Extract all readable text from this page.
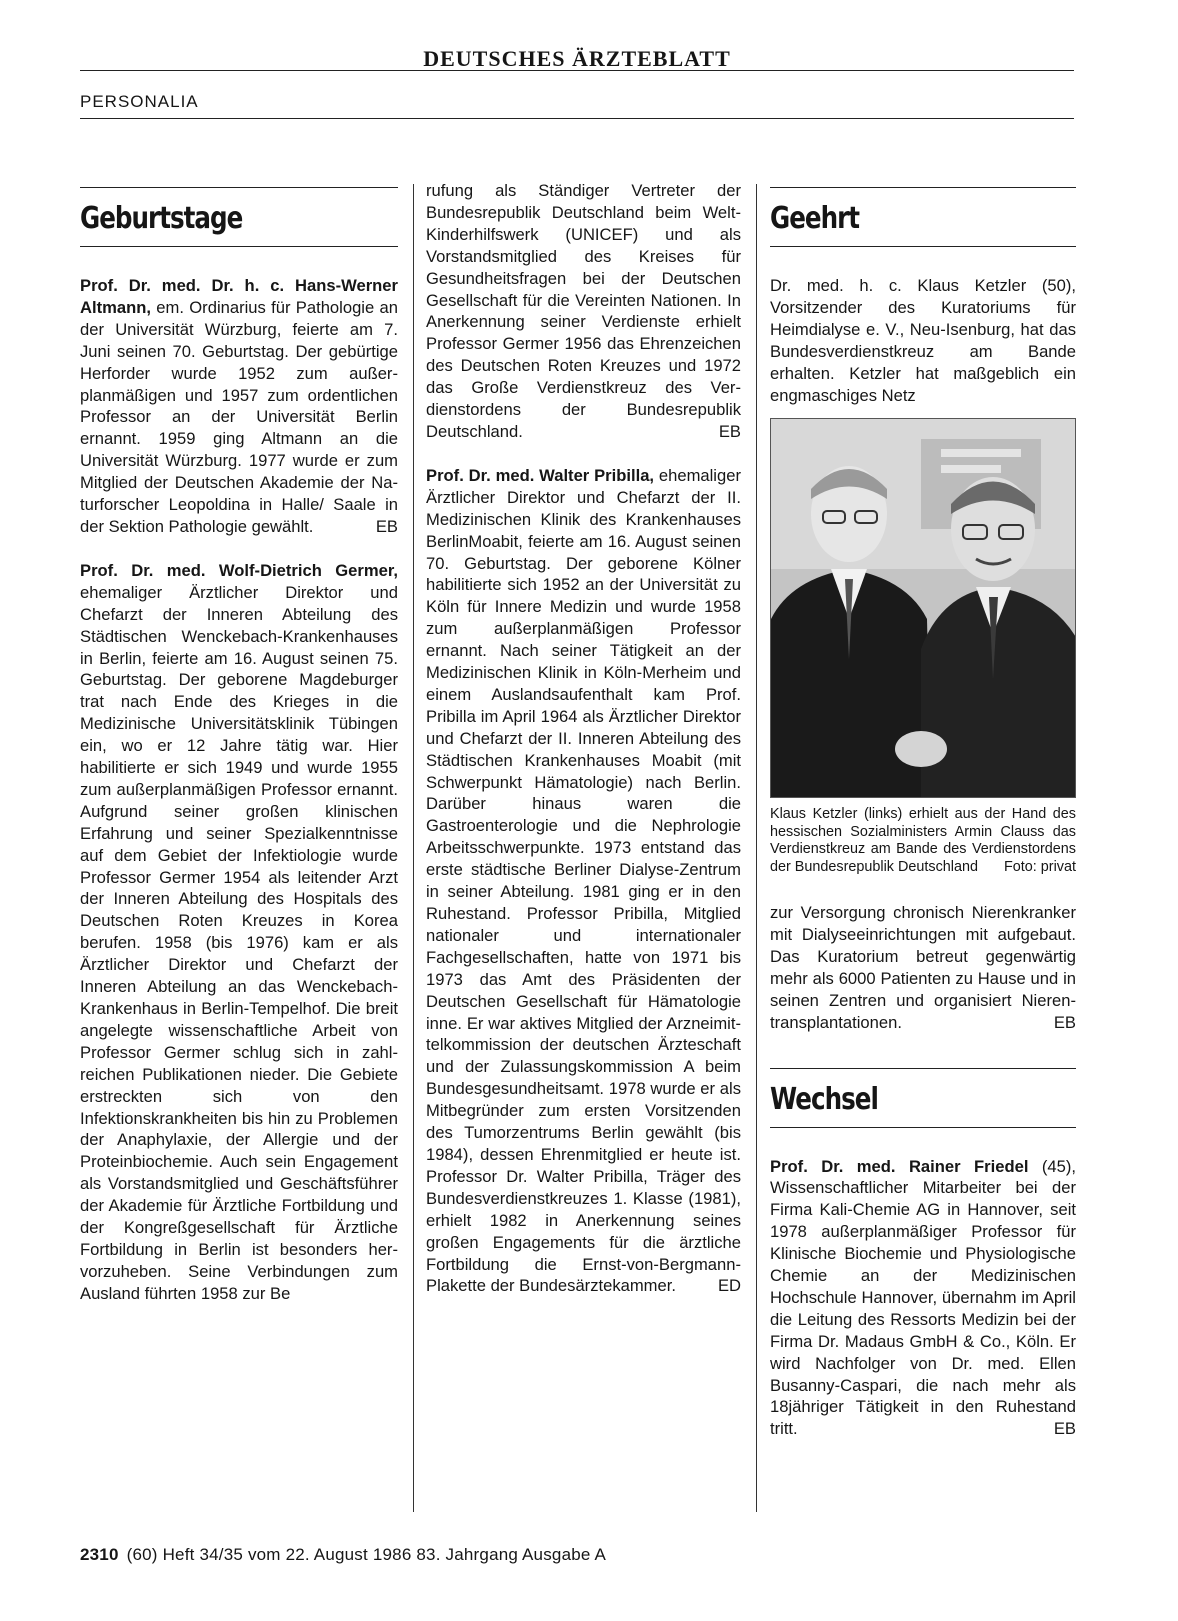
DEUTSCHES ÄRZTEBLATT
PERSONALIA
Geburtstage

Prof. Dr. med. Dr. h. c. Hans-Werner Altmann, em. Ordinarius für Pathologie an der Universität Würzburg, feierte am 7. Juni seinen 70. Geburtstag. Der gebürtige Herforder wurde 1952 zum außerplanmäßigen und 1957 zum ordentlichen Professor an der Universität Berlin ernannt. 1959 ging Altmann an die Universität Würzburg. 1977 wurde er zum Mitglied der Deutschen Akademie der Naturforscher Leopoldina in Halle/ Saale in der Sektion Pathologie gewählt.	EB

Prof. Dr. med. Wolf-Dietrich Germer, ehemaliger Ärztlicher Direktor und Chefarzt der Inneren Abteilung des Städtischen Wenckebach-Krankenhauses in Berlin, feierte am 16. August seinen 75. Geburtstag. Der geborene Magdeburger trat nach Ende des Krieges in die Medizinische Universitätsklinik Tübingen ein, wo er 12 Jahre tätig war. Hier habilitierte er sich 1949 und wurde 1955 zum außerplanmäßigen Professor ernannt. Aufgrund seiner großen klinischen Erfahrung und seiner Spezialkenntnisse auf dem Gebiet der Infektiologie wurde Professor Germer 1954 als leitender Arzt der Inneren Abteilung des Hospitals des Deutschen Roten Kreuzes in Korea berufen. 1958 (bis 1976) kam er als Ärztlicher Direktor und Chefarzt der Inneren Abteilung an das Wenckebach-Krankenhaus in Berlin-Tempelhof. Die breit angelegte wissenschaftliche Arbeit von Professor Germer schlug sich in zahlreichen Publikationen nieder. Die Gebiete erstreckten sich von den Infektionskrankheiten bis hin zu Problemen der Anaphylaxie, der Allergie und der Proteinbiochemie. Auch sein Engagement als Vorstandsmitglied und Geschäftsführer der Akademie für Ärztliche Fortbildung und der Kongreßgesellschaft für Ärztliche Fortbildung in Berlin ist besonders hervorzuheben. Seine Verbindungen zum Ausland führten 1958 zur Be

rufung als Ständiger Vertreter der Bundesrepublik Deutschland beim Welt-Kinderhilfswerk (UNICEF) und als Vorstandsmitglied des Kreises für Gesundheitsfragen bei der Deutschen Gesellschaft für die Vereinten Nationen. In Anerkennung seiner Verdienste erhielt Professor Germer 1956 das Ehrenzeichen des Deutschen Roten Kreuzes und 1972 das Große Verdienstkreuz des Verdienstordens der Bundesrepublik Deutschland.	EB

Prof. Dr. med. Walter Pribilla, ehemaliger Ärztlicher Direktor und Chefarzt der II. Medizinischen Klinik des Krankenhauses BerlinMoabit, feierte am 16. August seinen 70. Geburtstag. Der geborene Kölner habilitierte sich 1952 an der Universität zu Köln für Innere Medizin und wurde 1958 zum außerplanmäßigen Professor ernannt. Nach seiner Tätigkeit an der Medizinischen Klinik in Köln-Merheim und einem Auslandsaufenthalt kam Prof. Pribilla im April 1964 als Ärztlicher Direktor und Chefarzt der II. Inneren Abteilung des Städtischen Krankenhauses Moabit (mit Schwerpunkt Hämatologie) nach Berlin. Darüber hinaus waren die Gastroenterologie und die Nephrologie Arbeitsschwerpunkte. 1973 entstand das erste städtische Berliner Dialyse-Zentrum in seiner Abteilung. 1981 ging er in den Ruhestand. Professor Pribilla, Mitglied nationaler und internationaler Fachgesellschaften, hatte von 1971 bis 1973 das Amt des Präsidenten der Deutschen Gesellschaft für Hämatologie inne. Er war aktives Mitglied der Arzneimittelkommission der deutschen Ärzteschaft und der Zulassungskommission A beim Bundesgesundheitsamt. 1978 wurde er als Mitbegründer zum ersten Vorsitzenden des Tumorzentrums Berlin gewählt (bis 1984), dessen Ehrenmitglied er heute ist. Professor Dr. Walter Pribilla, Träger des Bundesverdienstkreuzes 1. Klasse (1981), erhielt 1982 in Anerkennung seines großen Engagements für die ärztliche Fortbildung die Ernst-von-Bergmann-Plakette der Bundesärztekammer.	ED

Geehrt

Dr. med. h. c. Klaus Ketzler (50), Vorsitzender des Kuratoriums für Heimdialyse e. V., Neu-Isenburg, hat das Bundesverdienstkreuz am Bande erhalten. Ketzler hat maßgeblich ein engmaschiges Netz

Klaus Ketzler (links) erhielt aus der Hand des hessischen Sozialministers Armin Clauss das Verdienstkreuz am Bande des Verdienstordens der Bundesrepublik Deutschland Foto: privat

zur Versorgung chronisch Nierenkranker mit Dialyseeinrichtungen mit aufgebaut. Das Kuratorium betreut gegenwärtig mehr als 6000 Patienten zu Hause und in seinen Zentren und organisiert Nierentransplantationen.	EB

Wechsel

Prof. Dr. med. Rainer Friedel (45), Wissenschaftlicher Mitarbeiter bei der Firma Kali-Chemie AG in Hannover, seit 1978 außerplanmäßiger Professor für Klinische Biochemie und Physiologische Chemie an der Medizinischen Hochschule Hannover, übernahm im April die Leitung des Ressorts Medizin bei der Firma Dr. Madaus GmbH & Co., Köln. Er wird Nachfolger von Dr. med. Ellen Busanny-Caspari, die nach mehr als 18jähriger Tätigkeit in den Ruhestand tritt.	EB

2310 (60) Heft 34/35 vom 22. August 1986 83. Jahrgang Ausgabe A
